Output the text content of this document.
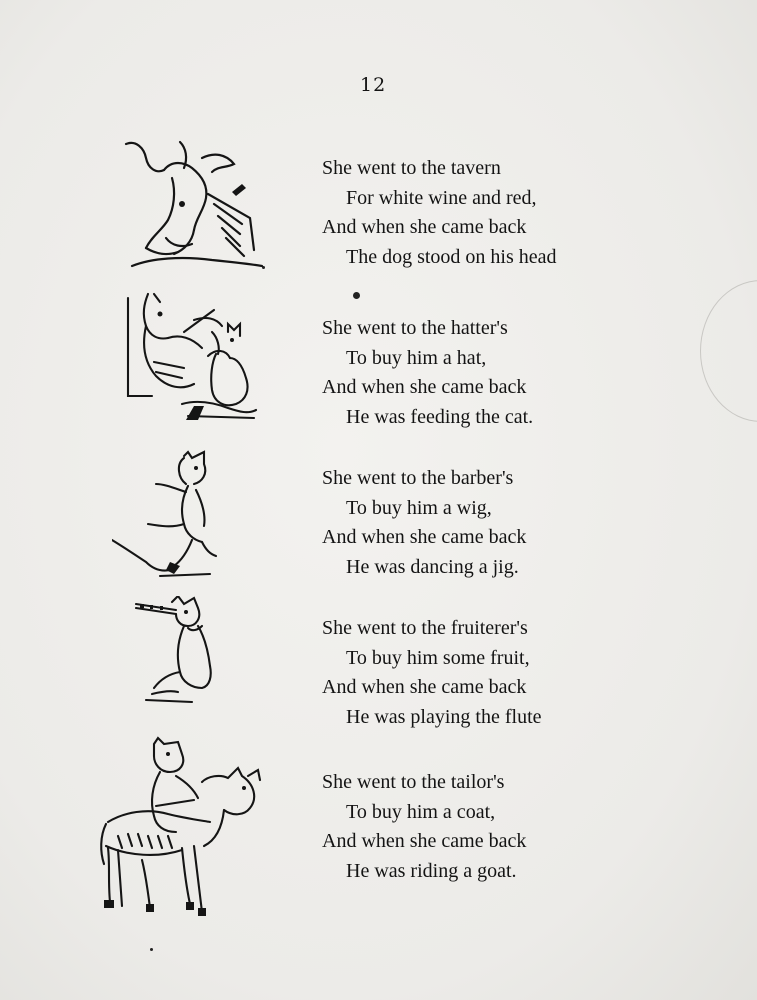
12
She went to the tavern
For white wine and red,
And when she came back
The dog stood on his head
She went to the hatter's
To buy him a hat,
And when she came back
He was feeding the cat.
She went to the barber's
To buy him a wig,
And when she came back
He was dancing a jig.
She went to the fruiterer's
To buy him some fruit,
And when she came back
He was playing the flute
She went to the tailor's
To buy him a coat,
And when she came back
He was riding a goat.
